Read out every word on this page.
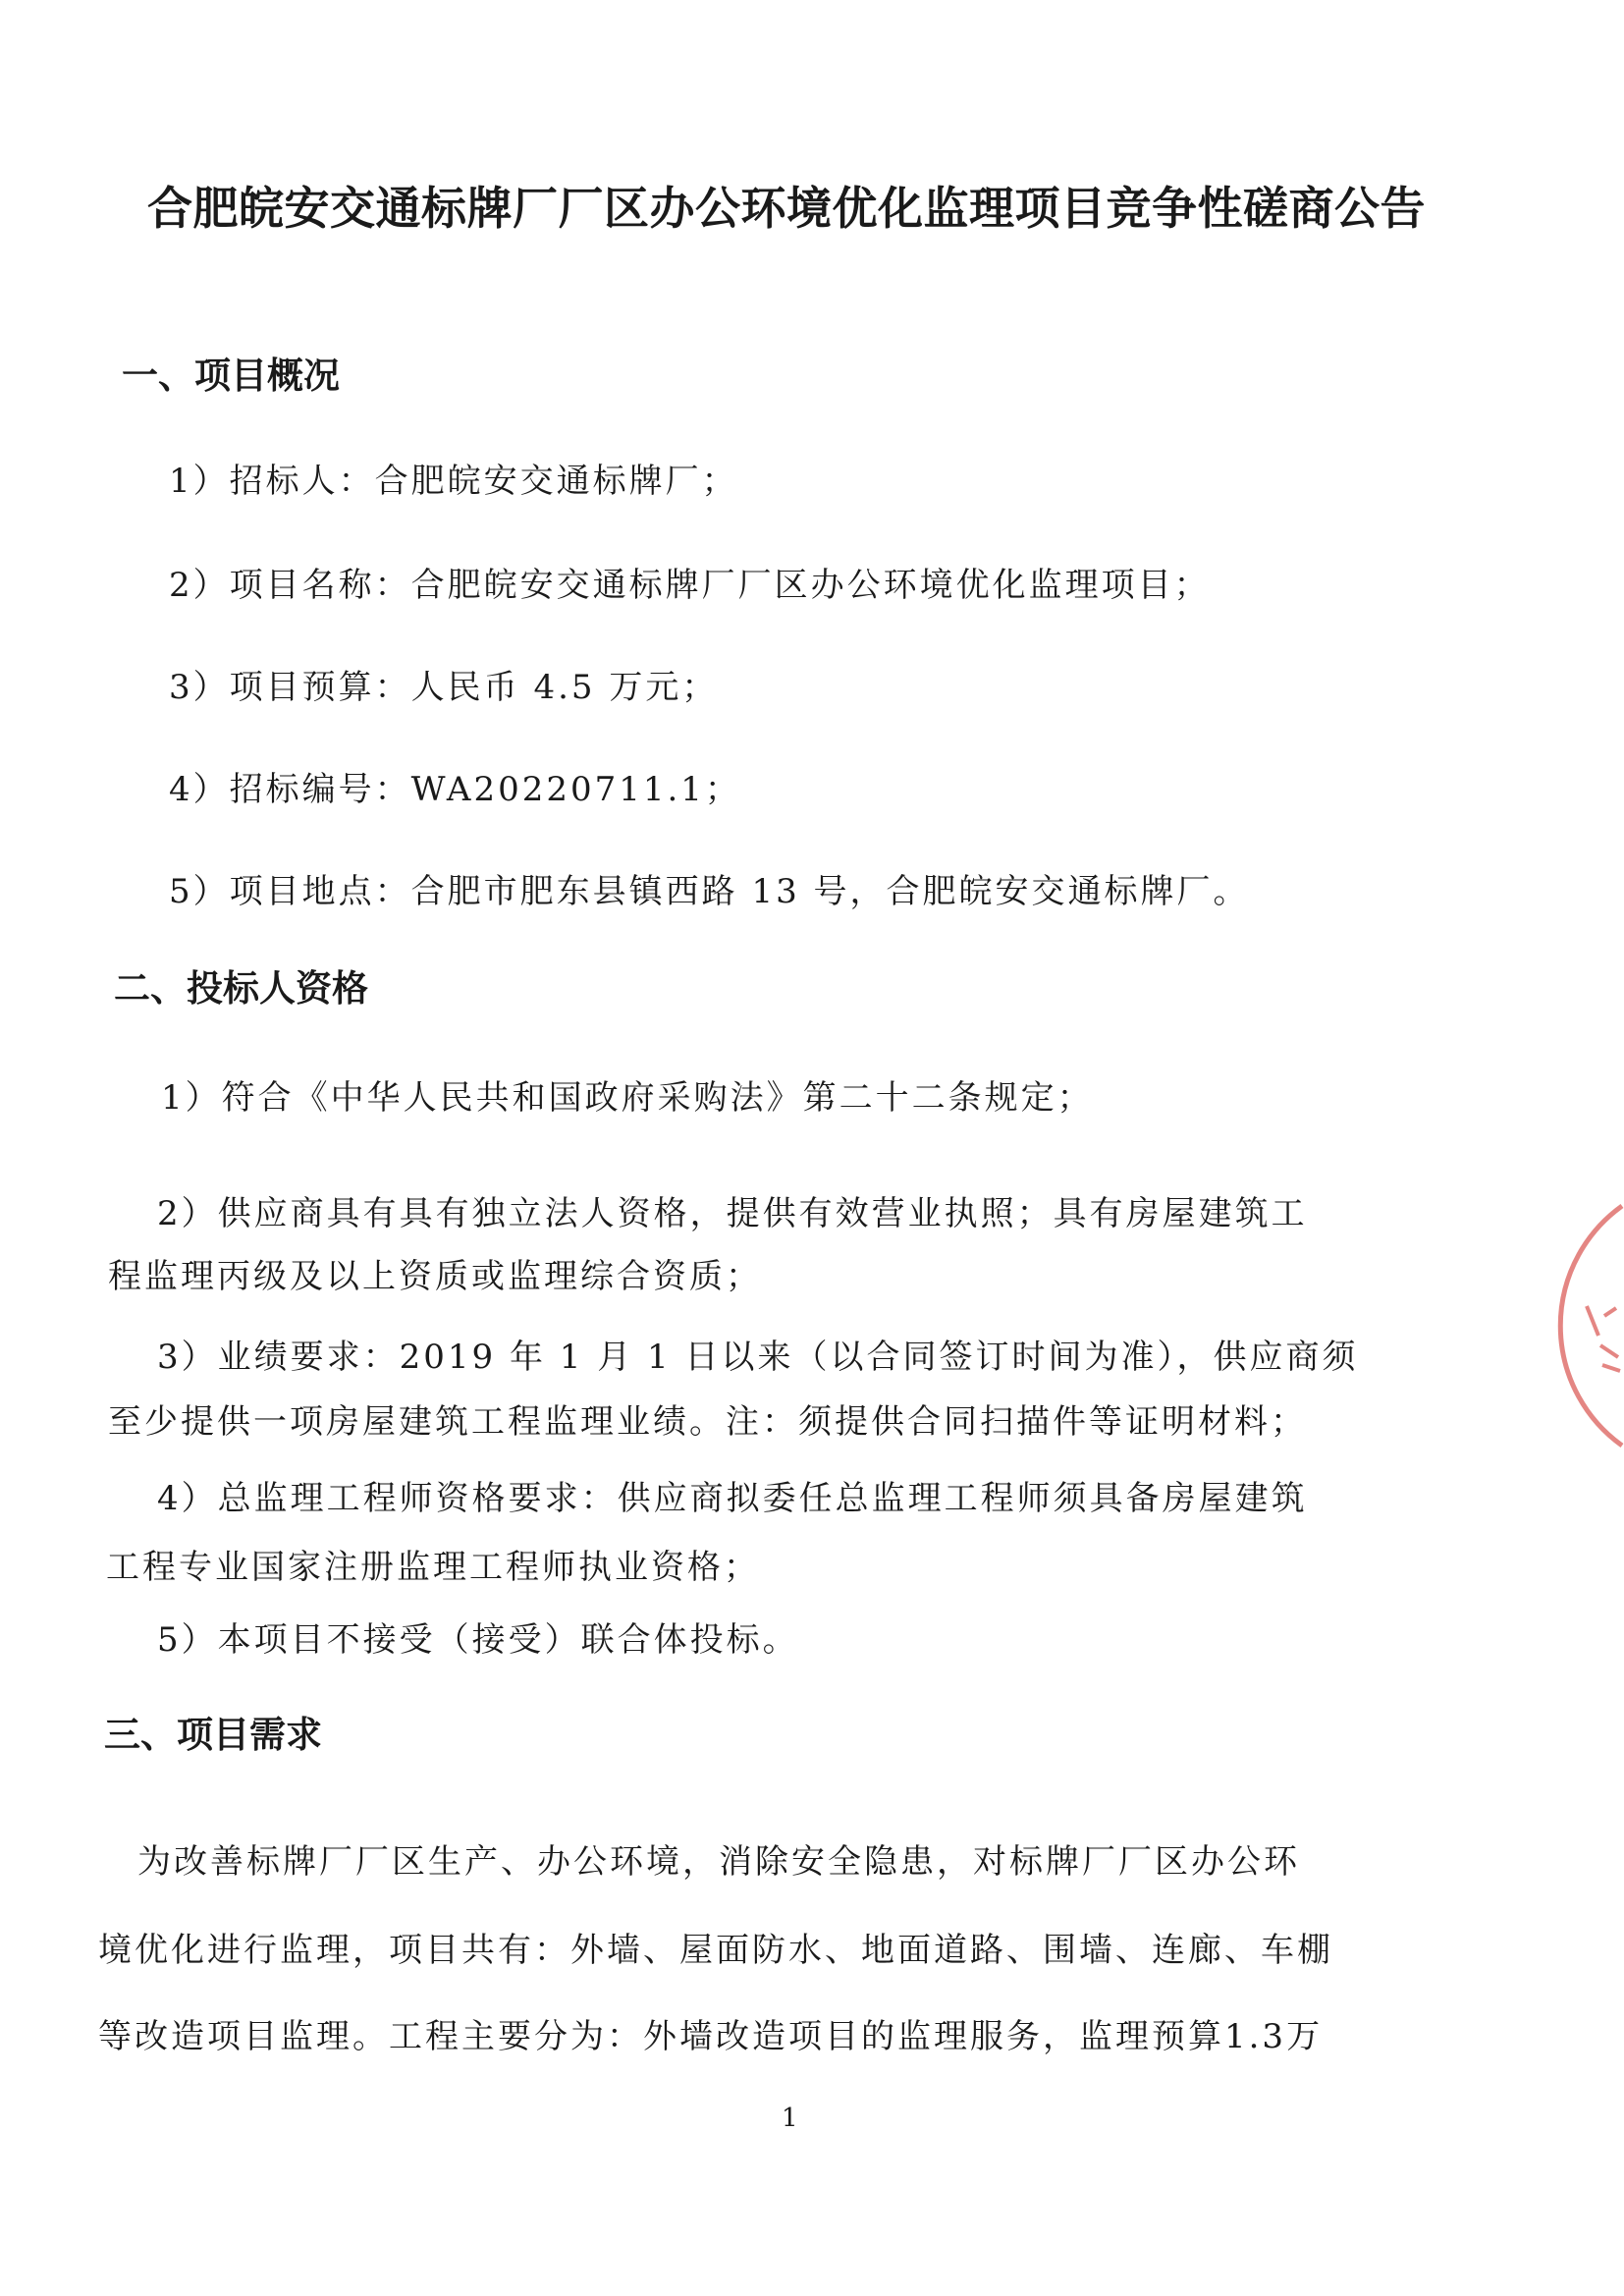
合肥皖安交通标牌厂厂区办公环境优化监理项目竞争性磋商公告
一、项目概况
1）招标人：合肥皖安交通标牌厂；
2）项目名称：合肥皖安交通标牌厂厂区办公环境优化监理项目；
3）项目预算：人民币 4.5 万元；
4）招标编号：WA20220711.1；
5）项目地点：合肥市肥东县镇西路 13 号，合肥皖安交通标牌厂。
二、投标人资格
1）符合《中华人民共和国政府采购法》第二十二条规定；
2）供应商具有具有独立法人资格，提供有效营业执照；具有房屋建筑工
程监理丙级及以上资质或监理综合资质；
3）业绩要求：2019 年 1 月 1 日以来（以合同签订时间为准），供应商须
至少提供一项房屋建筑工程监理业绩。注：须提供合同扫描件等证明材料；
4）总监理工程师资格要求：供应商拟委任总监理工程师须具备房屋建筑
工程专业国家注册监理工程师执业资格；
5）本项目不接受（接受）联合体投标。
三、项目需求
为改善标牌厂厂区生产、办公环境，消除安全隐患，对标牌厂厂区办公环
境优化进行监理，项目共有：外墙、屋面防水、地面道路、围墙、连廊、车棚
等改造项目监理。工程主要分为：外墙改造项目的监理服务，监理预算1.3万
1
